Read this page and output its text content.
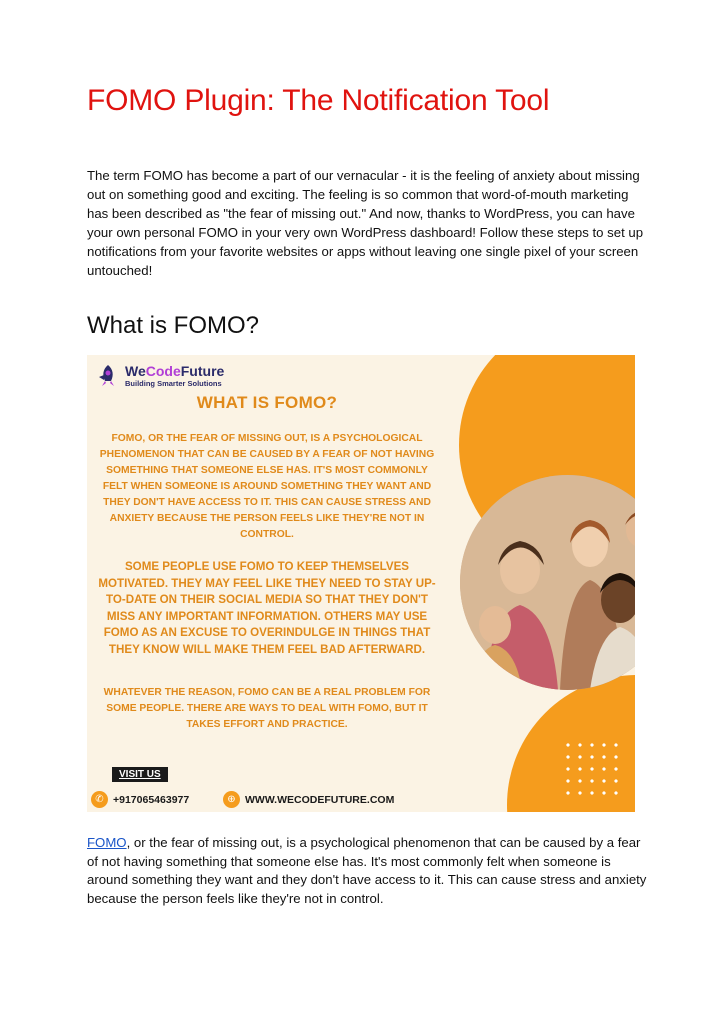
FOMO Plugin: The Notification Tool

The term FOMO has become a part of our vernacular - it is the feeling of anxiety about missing out on something good and exciting. The feeling is so common that word-of-mouth marketing has been described as "the fear of missing out." And now, thanks to WordPress, you can have your own personal FOMO in your very own WordPress dashboard! Follow these steps to set up notifications from your favorite websites or apps without leaving one single pixel of your screen untouched!

What is FOMO?
WeCodeFuture
Building Smarter Solutions
WHAT IS FOMO?

FOMO, OR THE FEAR OF MISSING OUT, IS A PSYCHOLOGICAL PHENOMENON THAT CAN BE CAUSED BY A FEAR OF NOT HAVING SOMETHING THAT SOMEONE ELSE HAS. IT'S MOST COMMONLY FELT WHEN SOMEONE IS AROUND SOMETHING THEY WANT AND THEY DON'T HAVE ACCESS TO IT. THIS CAN CAUSE STRESS AND ANXIETY BECAUSE THE PERSON FEELS LIKE THEY'RE NOT IN CONTROL.

SOME PEOPLE USE FOMO TO KEEP THEMSELVES MOTIVATED. THEY MAY FEEL LIKE THEY NEED TO STAY UP-TO-DATE ON THEIR SOCIAL MEDIA SO THAT THEY DON'T MISS ANY IMPORTANT INFORMATION. OTHERS MAY USE FOMO AS AN EXCUSE TO OVERINDULGE IN THINGS THAT THEY KNOW WILL MAKE THEM FEEL BAD AFTERWARD.

WHATEVER THE REASON, FOMO CAN BE A REAL PROBLEM FOR SOME PEOPLE. THERE ARE WAYS TO DEAL WITH FOMO, BUT IT TAKES EFFORT AND PRACTICE.

VISIT US
✆ +917065463977	⊕ WWW.WECODEFUTURE.COM

FOMO, or the fear of missing out, is a psychological phenomenon that can be caused by a fear of not having something that someone else has. It's most commonly felt when someone is around something they want and they don't have access to it. This can cause stress and anxiety because the person feels like they're not in control.
